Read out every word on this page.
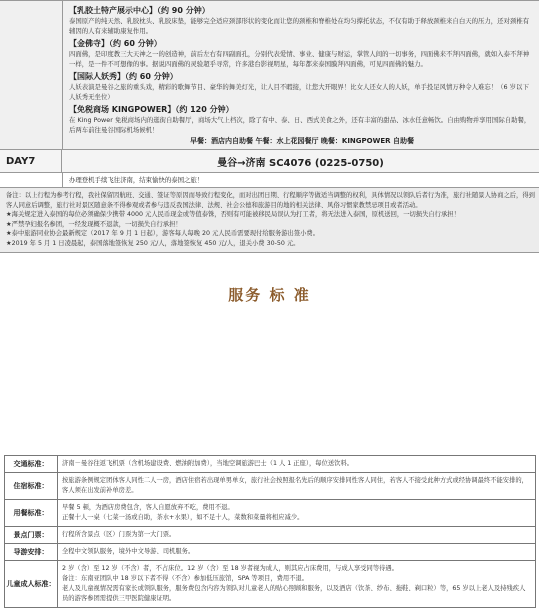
【乳胶土特产展示中心】（约 90 分钟）
泰国原产的纯天然、乳胶枕头、乳胶床垫，能够完全适应颈部形状的变化而让您的颈椎和脊椎处在均匀撑托状态，不仅有助于释放颈椎来自白天的压力，还对颈椎有辅因的人有来辅助康复作用。
【金佛寺】（约 60 分钟）
四面佛，是印度教三大天神之一的创造神，前后左右有四副面孔，分别代表爱情、事业、健康与财运，掌管人间的一切事务，四面佛来不拜四面佛，就如入泰不拜神一样，是一件不可想像的事。据说四面佛的灵验超乎寻常，许多港台影视明星，每年都来泰国膜拜四面佛，可见四面佛的魅力。
【国际人妖秀】（约 60 分钟）
人妖表演是曼谷之旅的重头戏，精彩的歌舞节目、豪华的舞美灯光，让人目不暇接，让您大开眼界！比女人还女人的人妖，单手投足风情万种令人难忘！（6 岁以下人妖秀无坐位）
【免税商场 KINGPOWER】（约 120 分钟）
在 King Power 免税商场内的逛街自助餐厅，商场大气上档次，除了有中、泰、日、西式美食之外，还有丰富的甜品、冰水任意畅饮。自由购物并享用国际自助餐，后两车前往曼谷国际机场候机！
早餐：酒店内自助餐 午餐：水上花园餐厅 晚餐：KINGPOWER 自助餐
DAY7	曼谷→济南 SC4076 (0225-0750)
办理登机手续飞往济南，结束愉快的泰国之旅！
备注：以上行程为参考行程，我社保留因航班、交通、签证等原因而导致行程变化，而对出团日期、行程顺序等做适当调整的权利，具体情况以领队后者行为准，旅行社随景人协商之后，得到客人同意后调整，旅行社对景区随意条不得参观或者参与违反我国法律、法规、社会公德和旅游目的地的相关法律、风俗习惯家教禁忌项目或者活动。
★海关规定进入泰国的每位必须确保少携带 4000 元人民币现金或等值泰铢，否则有可能被移民局误认为打工者，将无法进入泰国，原机送回，一切损失自行承担！
★严禁孕妇报名参团，一经发现概不退款，一切损失自行承担！
★泰中旅游同业协会最新规定（2017 年 9 月 1 日起），游客每人每晚 20 元人民币需要现付给服务游出签小费。
★2019 年 5 月 1 日凌晨起，泰国落地签恢复 250 元/人，落地签恢复 450 元/人，退关小费 30-50 元。
服务 标 准
交通标准：	济南－曼谷往返飞机票（含机场建设费、燃油附加费），当地空调旅游巴士（1 人 1 正座），每位送饮料。
住宿标准：
按旅游条例规定团体客人同性二人一房，酒店住宿若出现单男单女，旅行社会按照报名先后的顺序安排同性客人同住，若客人不接受此种方式或经协调最终不能安排的，客人须在出发前补单房差。
用餐标准：
早餐 5 顿，为酒店房费包含，客人自愿放弃不吃，费用不退。
正餐十人一桌（七菜一汤或自助，茶水+水果），如不足十人，菜数和菜量将相应减少。
景点门票：	行程所含景点（区）门票为第一大门票。
导游安排：	全程中文领队服务，境外中文导游、司机服务。
儿童成人标准：
2 岁（含）至 12 岁（不含）者，不占床位。12 岁（含）至 18 岁者视为成人，则其应占床费用，与成人享受同等待遇。
备注：东南亚团队中 18 岁以下者不得（不含）参加低压旅馆，SPA 等项目，费用不退。
老人及儿童视情况需有家长或领队服务，服务费包含内容为领队对儿童老人的贴心照顾和服务，以及酒店（饮茶、纱布、拖鞋、剃口粒）等，65 岁以上老人及持残疾人员的游客参团需提供三甲医院健康证明。
